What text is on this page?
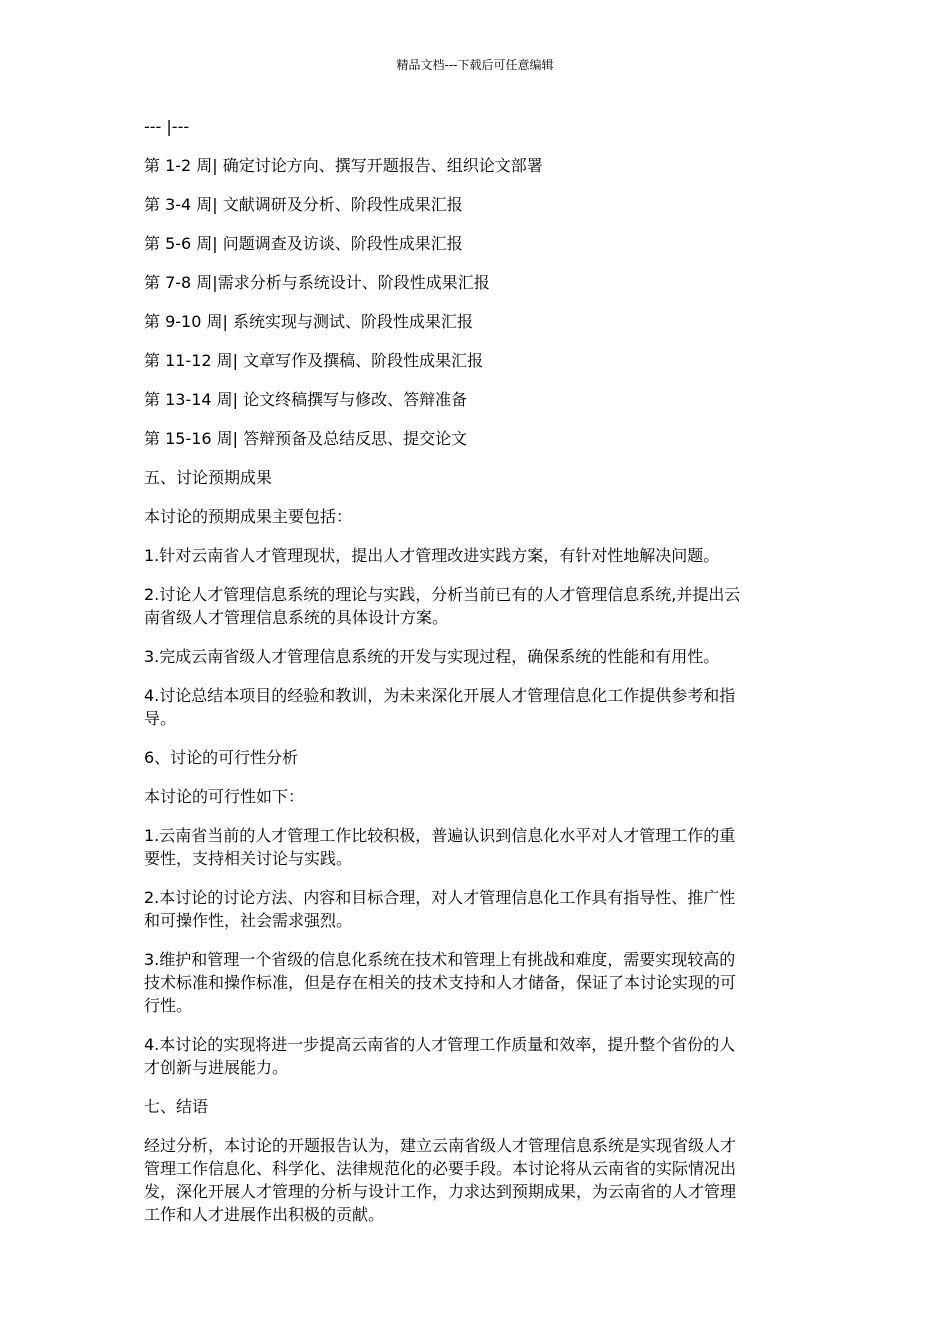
精品文档---下载后可任意编辑

--- |---

第 1-2 周| 确定讨论方向、撰写开题报告、组织论文部署

第 3-4 周| 文献调研及分析、阶段性成果汇报

第 5-6 周| 问题调查及访谈、阶段性成果汇报

第 7-8 周|需求分析与系统设计、阶段性成果汇报

第 9-10 周| 系统实现与测试、阶段性成果汇报

第 11-12 周| 文章写作及撰稿、阶段性成果汇报

第 13-14 周| 论文终稿撰写与修改、答辩准备

第 15-16 周| 答辩预备及总结反思、提交论文

五、讨论预期成果

本讨论的预期成果主要包括：

1.针对云南省人才管理现状，提出人才管理改进实践方案，有针对性地解决问题。

2.讨论人才管理信息系统的理论与实践，分析当前已有的人才管理信息系统,并提出云
南省级人才管理信息系统的具体设计方案。

3.完成云南省级人才管理信息系统的开发与实现过程，确保系统的性能和有用性。

4.讨论总结本项目的经验和教训，为未来深化开展人才管理信息化工作提供参考和指
导。

6、讨论的可行性分析

本讨论的可行性如下：

1.云南省当前的人才管理工作比较积极，普遍认识到信息化水平对人才管理工作的重
要性，支持相关讨论与实践。

2.本讨论的讨论方法、内容和目标合理，对人才管理信息化工作具有指导性、推广性
和可操作性，社会需求强烈。

3.维护和管理一个省级的信息化系统在技术和管理上有挑战和难度，需要实现较高的
技术标准和操作标准，但是存在相关的技术支持和人才储备，保证了本讨论实现的可
行性。

4.本讨论的实现将进一步提高云南省的人才管理工作质量和效率，提升整个省份的人
才创新与进展能力。

七、结语

经过分析，本讨论的开题报告认为，建立云南省级人才管理信息系统是实现省级人才
管理工作信息化、科学化、法律规范化的必要手段。本讨论将从云南省的实际情况出
发，深化开展人才管理的分析与设计工作，力求达到预期成果，为云南省的人才管理
工作和人才进展作出积极的贡献。
